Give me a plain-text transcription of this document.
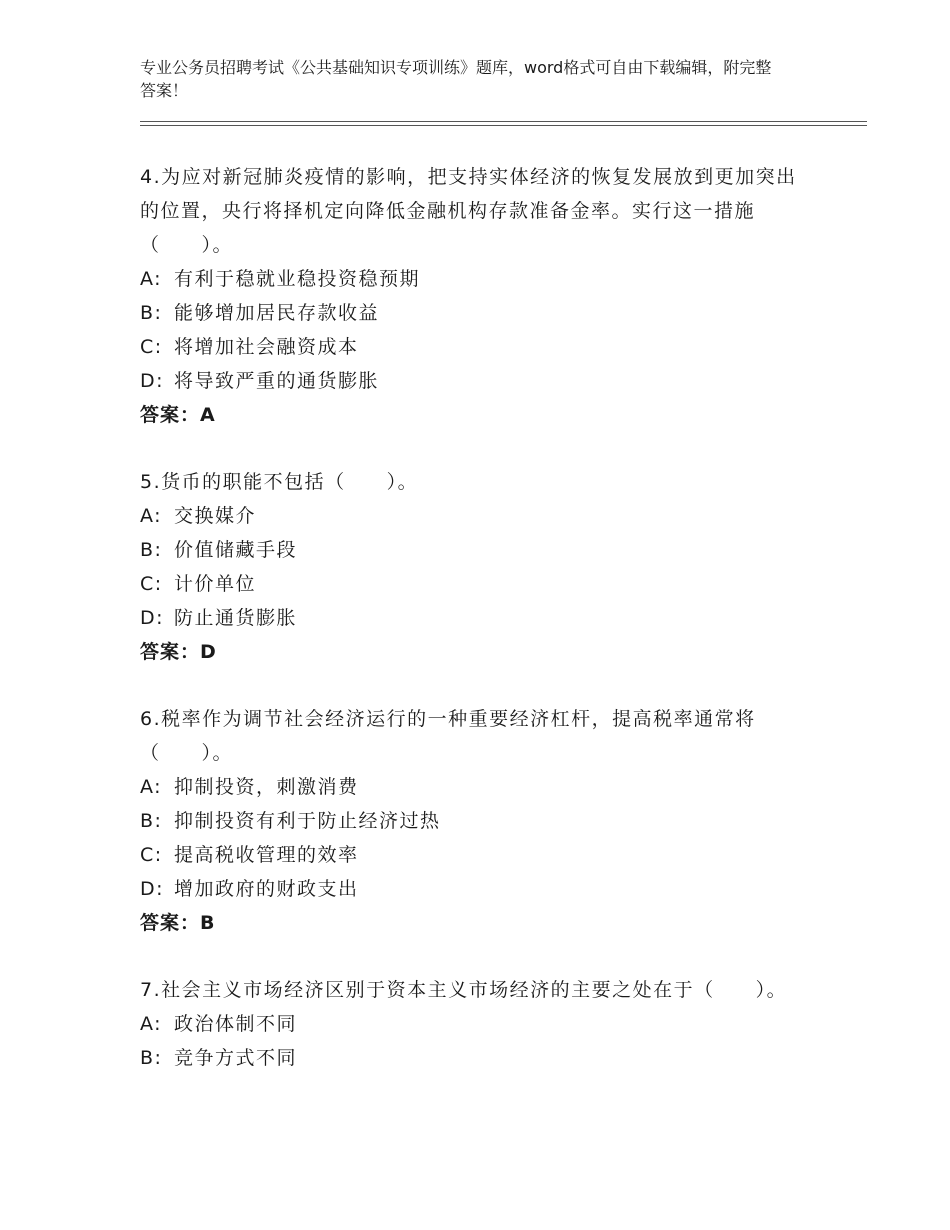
专业公务员招聘考试《公共基础知识专项训练》题库，word格式可自由下载编辑，附完整答案！
4.为应对新冠肺炎疫情的影响，把支持实体经济的恢复发展放到更加突出的位置，央行将择机定向降低金融机构存款准备金率。实行这一措施（　　）。
A: 有利于稳就业稳投资稳预期
B: 能够增加居民存款收益
C: 将增加社会融资成本
D: 将导致严重的通货膨胀
答案：A
5.货币的职能不包括（　　）。
A: 交换媒介
B: 价值储藏手段
C: 计价单位
D: 防止通货膨胀
答案：D
6.税率作为调节社会经济运行的一种重要经济杠杆，提高税率通常将（　　）。
A: 抑制投资，刺激消费
B: 抑制投资有利于防止经济过热
C: 提高税收管理的效率
D: 增加政府的财政支出
答案：B
7.社会主义市场经济区别于资本主义市场经济的主要之处在于（　　）。
A: 政治体制不同
B: 竞争方式不同
